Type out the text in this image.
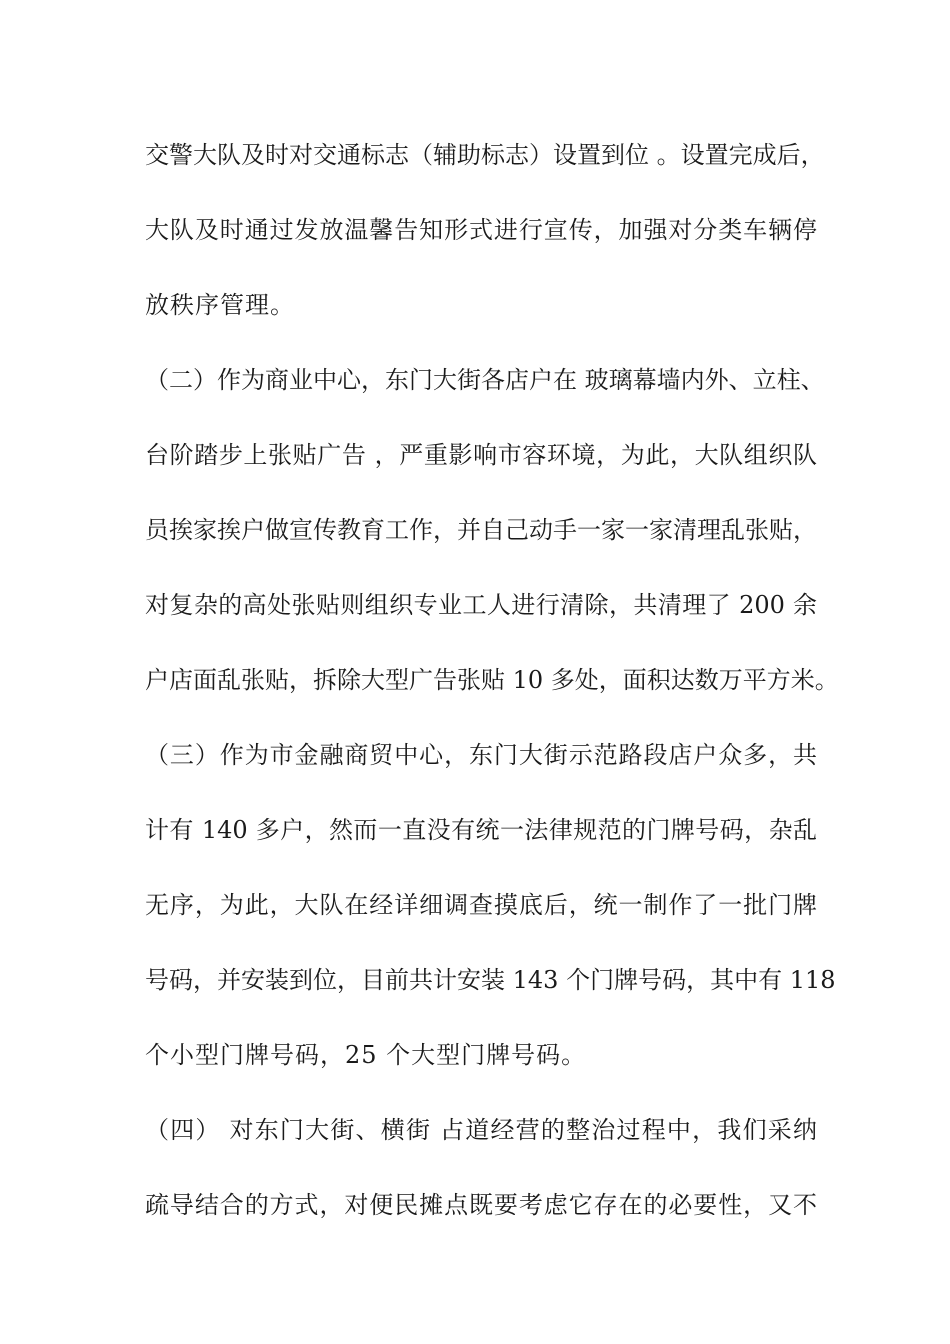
交警大队及时对交通标志（辅助标志）设置到位 。设置完成后，
大队及时通过发放温馨告知形式进行宣传，加强对分类车辆停
放秩序管理。
（二）作为商业中心，东门大街各店户在 玻璃幕墙内外、立柱、
台阶踏步上张贴广告 ，严重影响市容环境，为此，大队组织队
员挨家挨户做宣传教育工作，并自己动手一家一家清理乱张贴，
对复杂的高处张贴则组织专业工人进行清除，共清理了 200 余
户店面乱张贴，拆除大型广告张贴 10 多处，面积达数万平方米。
（三）作为市金融商贸中心，东门大街示范路段店户众多，共
计有 140 多户，然而一直没有统一法律规范的门牌号码，杂乱
无序，为此，大队在经详细调查摸底后，统一制作了一批门牌
号码，并安装到位，目前共计安装 143 个门牌号码，其中有 118
个小型门牌号码，25 个大型门牌号码。
（四） 对东门大街、横街 占道经营的整治过程中，我们采纳
疏导结合的方式，对便民摊点既要考虑它存在的必要性，又不
